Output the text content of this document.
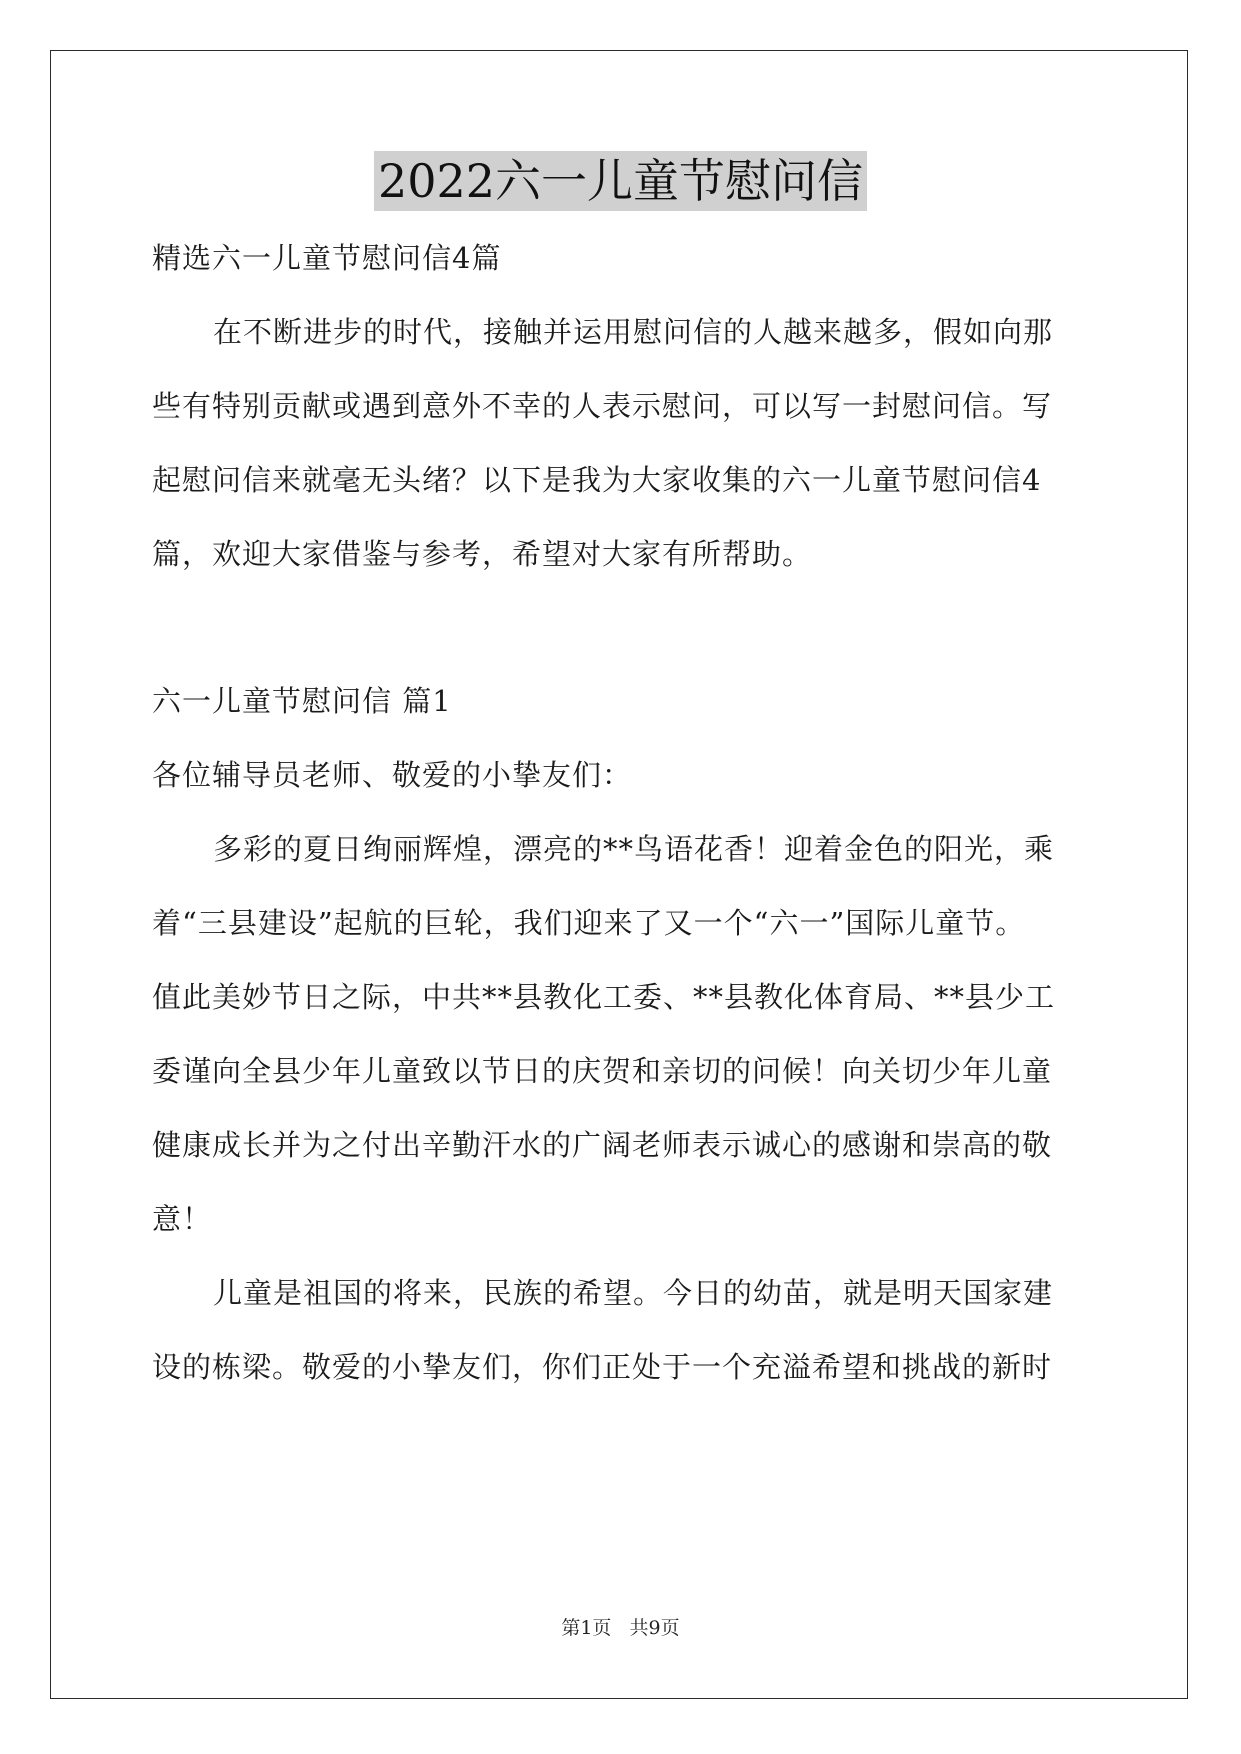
2022六一儿童节慰问信
精选六一儿童节慰问信4篇
在不断进步的时代，接触并运用慰问信的人越来越多，假如向那
些有特别贡献或遇到意外不幸的人表示慰问，可以写一封慰问信。写
起慰问信来就毫无头绪？以下是我为大家收集的六一儿童节慰问信4
篇，欢迎大家借鉴与参考，希望对大家有所帮助。
六一儿童节慰问信 篇1
各位辅导员老师、敬爱的小挚友们：
多彩的夏日绚丽辉煌，漂亮的**鸟语花香！迎着金色的阳光，乘
着“三县建设”起航的巨轮，我们迎来了又一个“六一”国际儿童节。
值此美妙节日之际，中共**县教化工委、**县教化体育局、**县少工
委谨向全县少年儿童致以节日的庆贺和亲切的问候！向关切少年儿童
健康成长并为之付出辛勤汗水的广阔老师表示诚心的感谢和崇高的敬
意！
儿童是祖国的将来，民族的希望。今日的幼苗，就是明天国家建
设的栋梁。敬爱的小挚友们，你们正处于一个充溢希望和挑战的新时
第1页   共9页
